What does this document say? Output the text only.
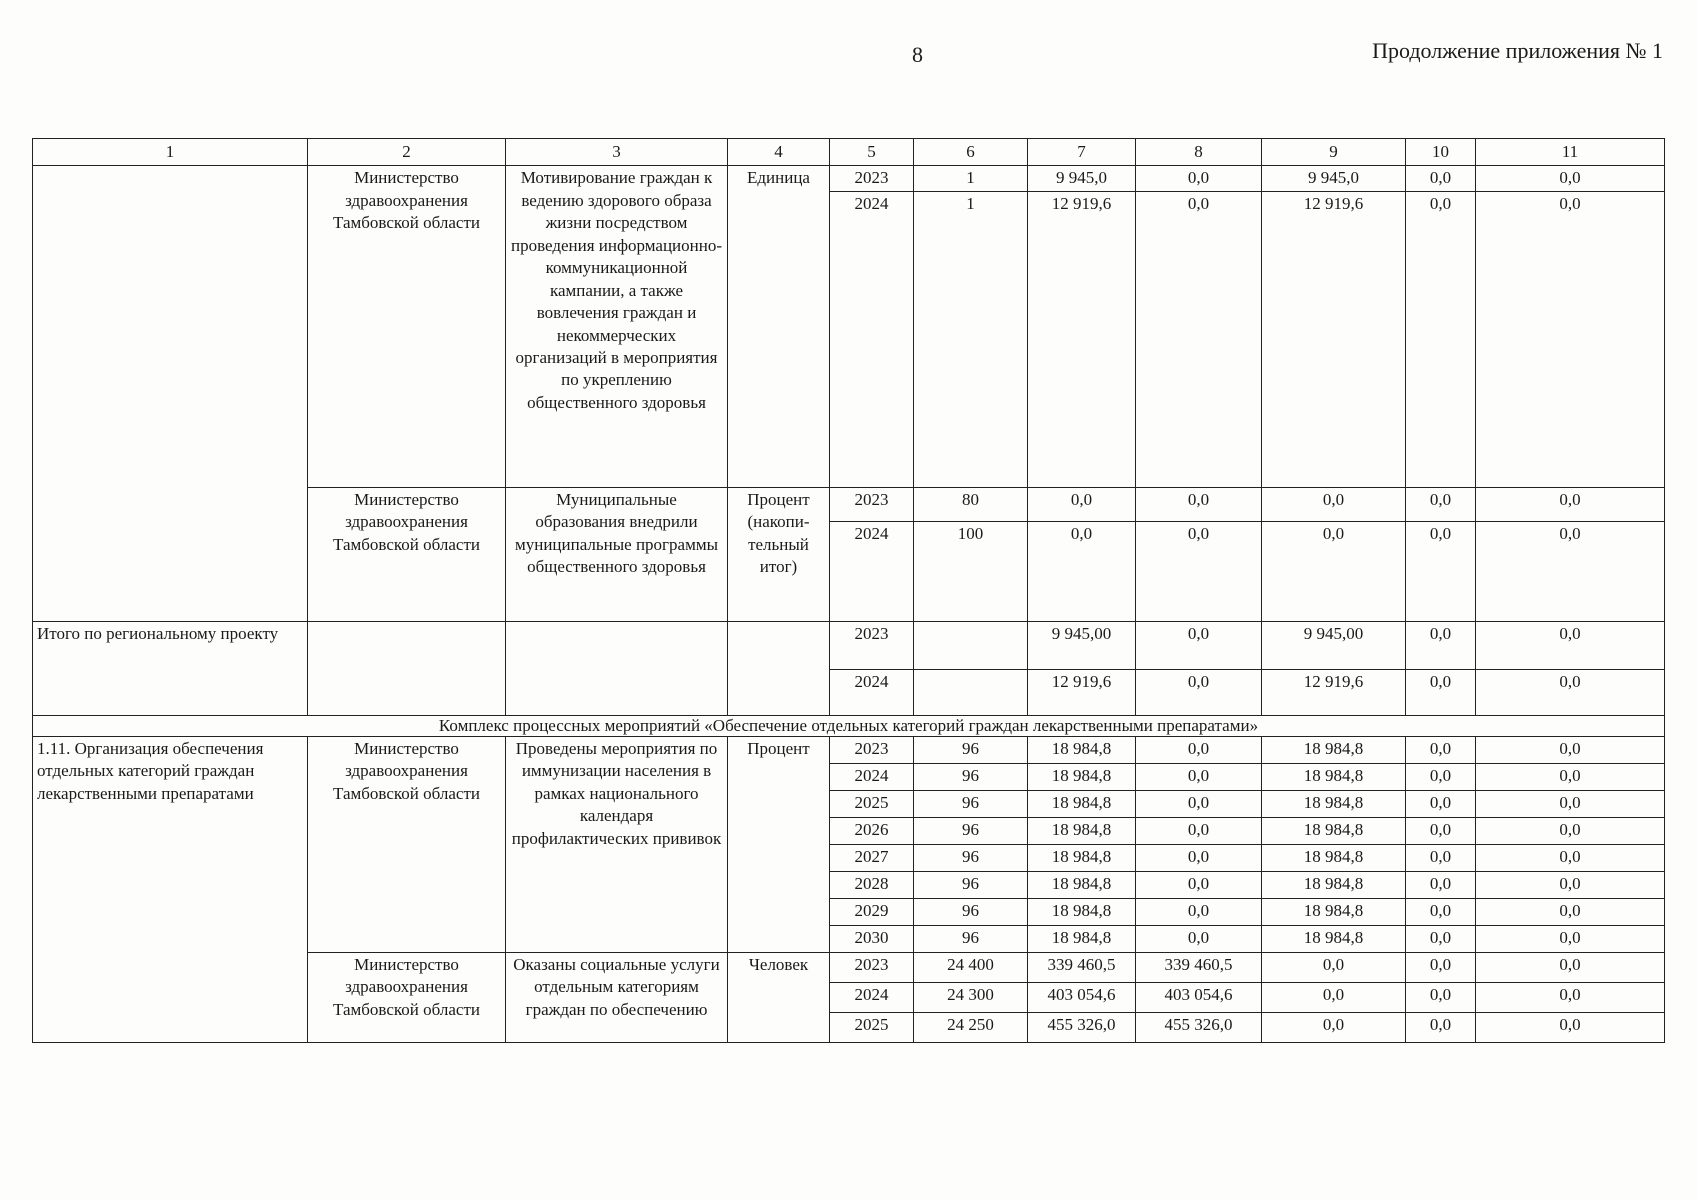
8	Продолжение приложения № 1
1	2	3	4	5	6	7	8	9	10	11
	Министерство здравоохранения Тамбовской области	Мотивирование граждан к ведению здорового образа жизни посредством проведения информационно-коммуникационной кампании, а также вовлечения граждан и некоммерческих организаций в мероприятия по укреплению общественного здоровья	Единица	2023	1	9 945,0	0,0	9 945,0	0,0	0,0
				2024	1	12 919,6	0,0	12 919,6	0,0	0,0
	Министерство здравоохранения Тамбовской области	Муниципальные образования внедрили муниципальные программы общественного здоровья	Процент (накопи-тельный итог)	2023	80	0,0	0,0	0,0	0,0	0,0
				2024	100	0,0	0,0	0,0	0,0	0,0
Итого по региональному проекту				2023		9 945,00	0,0	9 945,00	0,0	0,0
				2024		12 919,6	0,0	12 919,6	0,0	0,0
Комплекс процессных мероприятий «Обеспечение отдельных категорий граждан лекарственными препаратами»										
1.11. Организация обеспечения отдельных категорий граждан лекарственными препаратами	Министерство здравоохранения Тамбовской области	Проведены мероприятия по иммунизации населения в рамках национального календаря профилактических прививок	Процент	2023	96	18 984,8	0,0	18 984,8	0,0	0,0
				2024	96	18 984,8	0,0	18 984,8	0,0	0,0
				2025	96	18 984,8	0,0	18 984,8	0,0	0,0
				2026	96	18 984,8	0,0	18 984,8	0,0	0,0
				2027	96	18 984,8	0,0	18 984,8	0,0	0,0
				2028	96	18 984,8	0,0	18 984,8	0,0	0,0
				2029	96	18 984,8	0,0	18 984,8	0,0	0,0
				2030	96	18 984,8	0,0	18 984,8	0,0	0,0
	Министерство здравоохранения Тамбовской области	Оказаны социальные услуги отдельным категориям граждан по обеспечению	Человек	2023	24 400	339 460,5	339 460,5	0,0	0,0	0,0
				2024	24 300	403 054,6	403 054,6	0,0	0,0	0,0
				2025	24 250	455 326,0	455 326,0	0,0	0,0	0,0
